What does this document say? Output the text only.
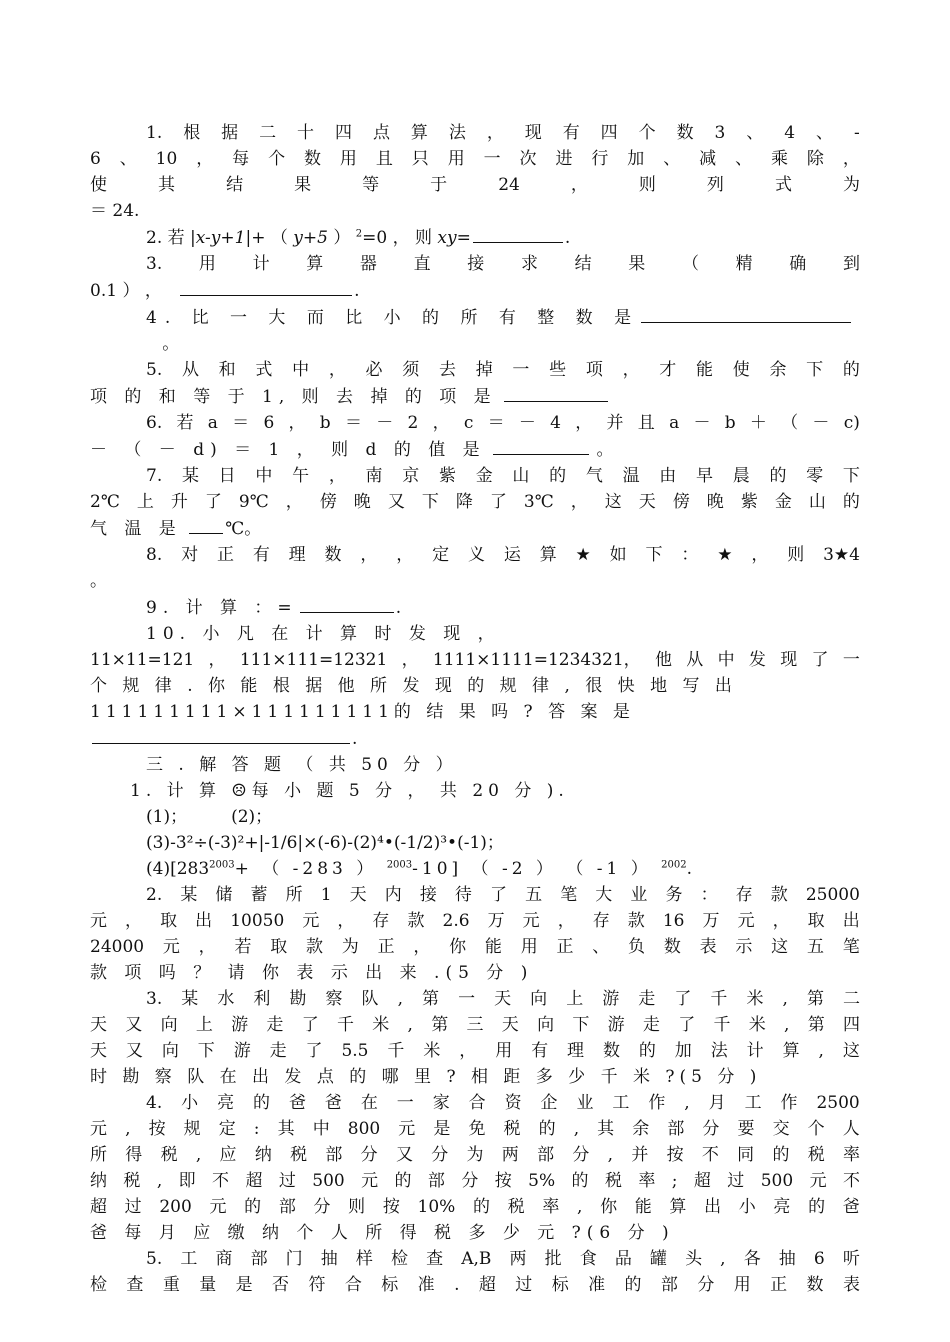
1. 根 据 二 十 四 点 算 法 ， 现 有 四 个 数 3 、 4 、 -
6 、 10 ， 每 个 数 用 且 只 用 一 次 进 行 加 、 减 、 乘 除 ，
使	其	结	果	等	于	24	，	则	列	式	为
＝ 24.
2. 若 |x-y+1|+ （ y+5 ） $^2$=0 ， 则 xy=	.
3. 用 计 算 器 直 接 求 结 果 （ 精 确 到
0.1 ） ，	.
4. 比 一 大 而 比 小 的 所 有 整 数 是   。
5. 从 和 式 中 ， 必 须 去 掉 一 些 项 ， 才 能 使 余 下 的
项 的 和 等 于 1, 则 去 掉 的 项 是
6. 若 a ＝ 6 ， b ＝ － 2 ， c ＝ － 4 ， 并 且 a － b ＋ （ － c)
－ （ － d) ＝ 1 ， 则 d 的 值 是	。
7. 某 日 中 午 ， 南 京 紫 金 山 的 气 温 由 早 晨 的 零 下
2℃ 上 升 了 9℃ ， 傍 晚 又 下 降 了 3℃ ， 这 天 傍 晚 紫 金 山 的
气 温 是	℃。
8. 对 正 有 理 数 ， ， 定 义 运 算 ★ 如 下 ： ★ ， 则 3★4
。
9. 计 算 ：=	.
10. 小 凡 在 计 算 时 发 现 ，
11×11=121 ， 111×111=12321 ， 1111×1111=1234321， 他 从 中 发 现 了 一
个 规 律 . 你 能 根 据 他 所 发 现 的 规 律 , 很 快 地 写 出
111111111×111111111的 结 果 吗 ? 答 案 是  .
三 . 解 答 题 （ 共 50 分 ）
1. 计 算 ☹每 小 题 5 分 ， 共 20 分 ).
(1)；	(2)；
(3)-3²÷(-3)²+|-1/6|×(-6)-(2)⁴•(-1/2)³•(-1)；
$(4)[283^{2003}+$ （ -283 ） $^{2003}$-10] （ -2 ） （ -1 ） $^{2002}$.
2. 某 储 蓄 所 1 天 内 接 待 了 五 笔 大 业 务 ： 存 款 25000
元 ， 取 出 10050 元 ， 存 款 2.6 万 元 ， 存 款 16 万 元 ， 取 出
24000 元 ， 若 取 款 为 正 ， 你 能 用 正 、 负 数 表 示 这 五 笔
款 项 吗 ？ 请 你 表 示 出 来 .(5 分 )
3. 某 水 利 勘 察 队 , 第 一 天 向 上 游 走 了 千 米 , 第 二
天 又 向 上 游 走 了 千 米 , 第 三 天 向 下 游 走 了 千 米 , 第 四
天 又 向 下 游 走 了 5.5 千 米 ， 用 有 理 数 的 加 法 计 算 , 这
时 勘 察 队 在 出 发 点 的 哪 里 ? 相 距 多 少 千 米 ?(5 分 )
4. 小 亮 的 爸 爸 在 一 家 合 资 企 业 工 作 , 月 工 作 2500
元 , 按 规 定 : 其 中 800 元 是 免 税 的 , 其 余 部 分 要 交 个 人
所 得 税 , 应 纳 税 部 分 又 分 为 两 部 分 , 并 按 不 同 的 税 率
纳 税 , 即 不 超 过 500 元 的 部 分 按 5% 的 税 率 ; 超 过 500 元 不
超 过 200 元 的 部 分 则 按 10% 的 税 率 , 你 能 算 出 小 亮 的 爸
爸 每 月 应 缴 纳 个 人 所 得 税 多 少 元 ?(6 分 )
5. 工 商 部 门 抽 样 检 查 A,B 两 批 食 品 罐 头 , 各 抽 6 听
检 查 重 量 是 否 符 合 标 准 . 超 过 标 准 的 部 分 用 正 数 表
